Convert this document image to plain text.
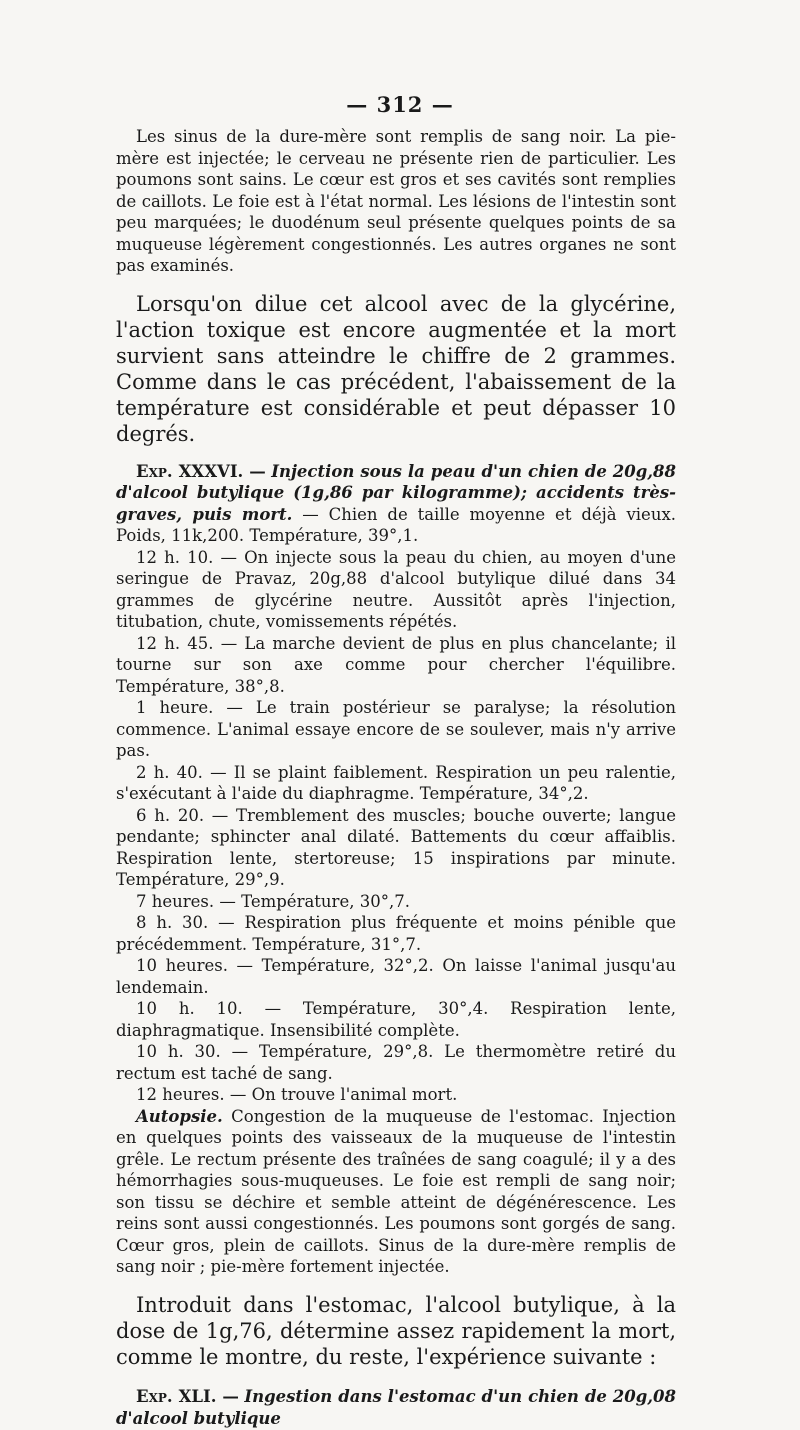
— 312 —

Les sinus de la dure-mère sont remplis de sang noir. La pie-mère est injectée; le cerveau ne présente rien de particulier. Les poumons sont sains. Le cœur est gros et ses cavités sont remplies de caillots. Le foie est à l'état normal. Les lésions de l'intestin sont peu marquées; le duodénum seul présente quelques points de sa muqueuse légèrement congestionnés. Les autres organes ne sont pas examinés.

Lorsqu'on dilue cet alcool avec de la glycérine, l'action toxique est encore augmentée et la mort survient sans atteindre le chiffre de 2 grammes. Comme dans le cas précédent, l'abaissement de la température est considérable et peut dépasser 10 degrés.

Exp. XXXVI. — Injection sous la peau d'un chien de 20g,88 d'alcool butylique (1g,86 par kilogramme); accidents très-graves, puis mort. — Chien de taille moyenne et déjà vieux. Poids, 11k,200. Température, 39°,1.

12 h. 10. — On injecte sous la peau du chien, au moyen d'une seringue de Pravaz, 20g,88 d'alcool butylique dilué dans 34 grammes de glycérine neutre. Aussitôt après l'injection, titubation, chute, vomissements répétés.

12 h. 45. — La marche devient de plus en plus chancelante; il tourne sur son axe comme pour chercher l'équilibre. Température, 38°,8.

1 heure. — Le train postérieur se paralyse; la résolution commence. L'animal essaye encore de se soulever, mais n'y arrive pas.

2 h. 40. — Il se plaint faiblement. Respiration un peu ralentie, s'exécutant à l'aide du diaphragme. Température, 34°,2.

6 h. 20. — Tremblement des muscles; bouche ouverte; langue pendante; sphincter anal dilaté. Battements du cœur affaiblis. Respiration lente, stertoreuse; 15 inspirations par minute. Température, 29°,9.

7 heures. — Température, 30°,7.

8 h. 30. — Respiration plus fréquente et moins pénible que précédemment. Température, 31°,7.

10 heures. — Température, 32°,2. On laisse l'animal jusqu'au lendemain.

10 h. 10. — Température, 30°,4. Respiration lente, diaphragmatique. Insensibilité complète.

10 h. 30. — Température, 29°,8. Le thermomètre retiré du rectum est taché de sang.

12 heures. — On trouve l'animal mort.

Autopsie. Congestion de la muqueuse de l'estomac. Injection en quelques points des vaisseaux de la muqueuse de l'intestin grêle. Le rectum présente des traînées de sang coagulé; il y a des hémorrhagies sous-muqueuses. Le foie est rempli de sang noir; son tissu se déchire et semble atteint de dégénérescence. Les reins sont aussi congestionnés. Les poumons sont gorgés de sang. Cœur gros, plein de caillots. Sinus de la dure-mère remplis de sang noir ; pie-mère fortement injectée.

Introduit dans l'estomac, l'alcool butylique, à la dose de 1g,76, détermine assez rapidement la mort, comme le montre, du reste, l'expérience suivante :

Exp. XLI. — Ingestion dans l'estomac d'un chien de 20g,08 d'alcool butylique
